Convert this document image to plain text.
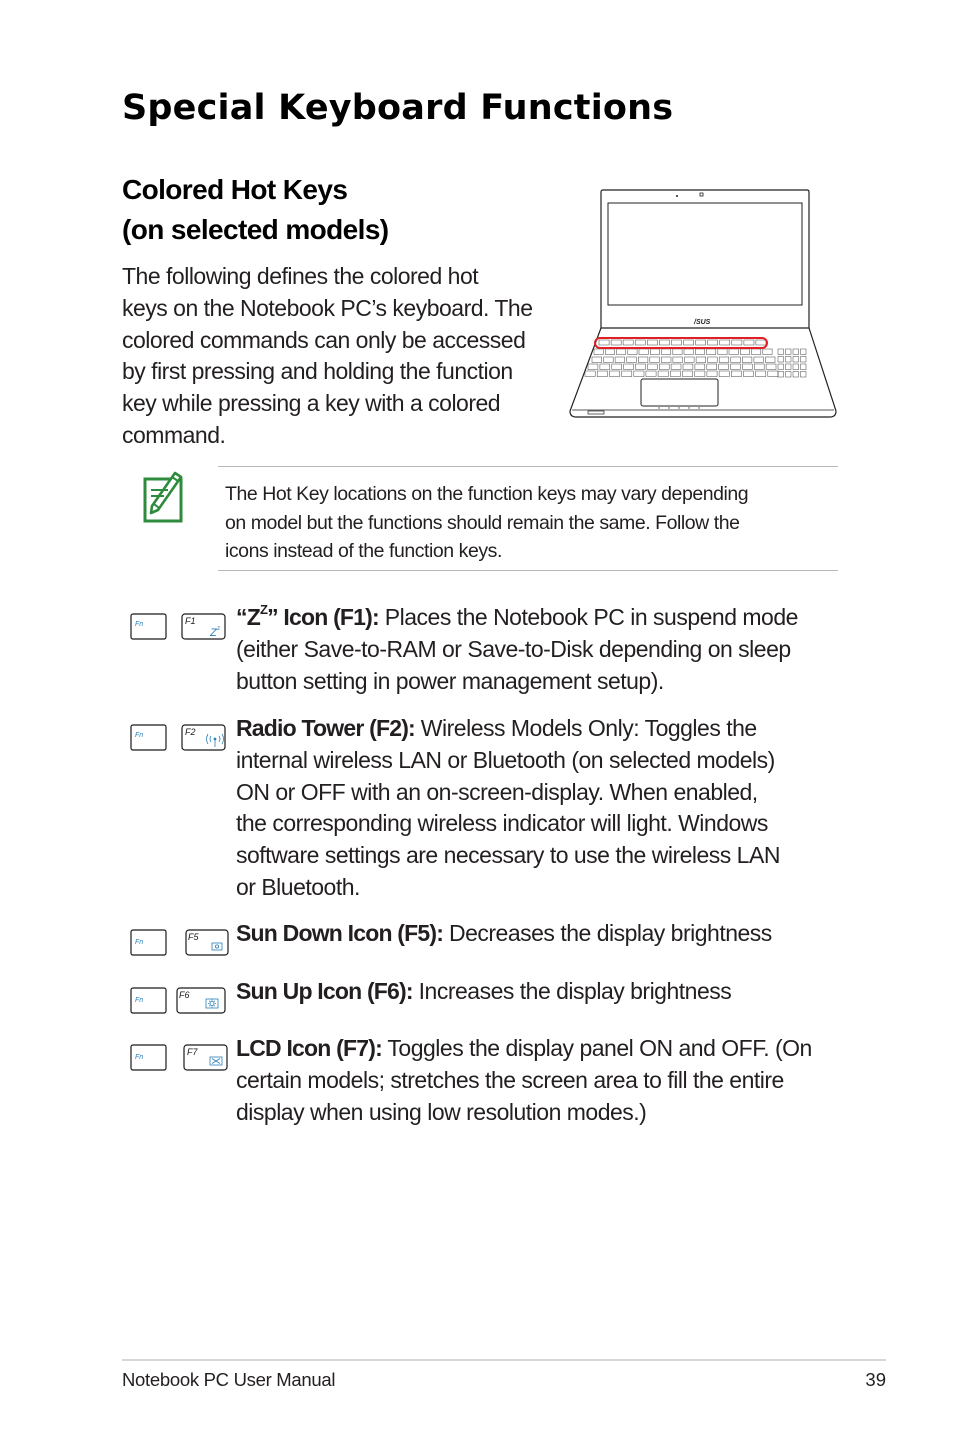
Special Keyboard Functions
Colored Hot Keys
(on selected models)

The following defines the colored hot
keys on the Notebook PC’s keyboard. The
colored commands can only be accessed
by first pressing and holding the function
key while pressing a key with a colored
command.

/SUS

The Hot Key locations on the function keys may vary depending
on model but the functions should remain the same. Follow the
icons instead of the function keys.

Fn	F1
Z z “$Z^Z$” Icon (F1): Places the Notebook PC in suspend mode
(either Save-to-RAM or Save-to-Disk depending on sleep
button setting in power management setup).

Fn	F2 Radio Tower (F2): Wireless Models Only: Toggles the
internal wireless LAN or Bluetooth (on selected models)
ON or OFF with an on-screen-display. When enabled,
the corresponding wireless indicator will light. Windows
software settings are necessary to use the wireless LAN
or Bluetooth.

Fn
F5 Sun Down Icon (F5): Decreases the display brightness

Fn
F6 Sun Up Icon (F6): Increases the display brightness

Fn
F7 LCD Icon (F7): Toggles the display panel ON and OFF. (On
certain models; stretches the screen area to fill the entire
display when using low resolution modes.)

Notebook PC User Manual	39
